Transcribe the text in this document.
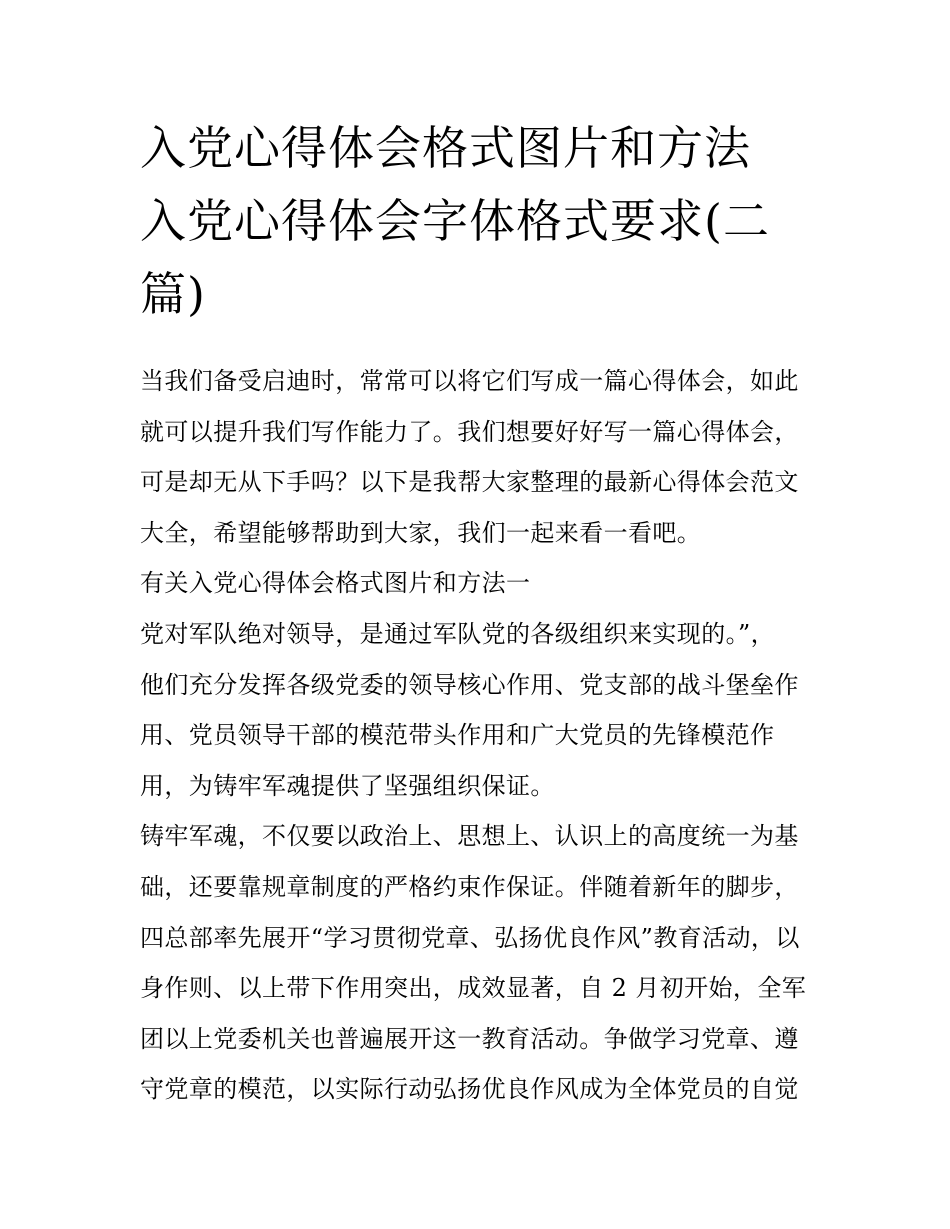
入党心得体会格式图片和方法
入党心得体会字体格式要求(二
篇)
当我们备受启迪时，常常可以将它们写成一篇心得体会，如此
就可以提升我们写作能力了。我们想要好好写一篇心得体会，
可是却无从下手吗？以下是我帮大家整理的最新心得体会范文
大全，希望能够帮助到大家，我们一起来看一看吧。
有关入党心得体会格式图片和方法一
党对军队绝对领导，是通过军队党的各级组织来实现的。”，
他们充分发挥各级党委的领导核心作用、党支部的战斗堡垒作
用、党员领导干部的模范带头作用和广大党员的先锋模范作
用，为铸牢军魂提供了坚强组织保证。
铸牢军魂，不仅要以政治上、思想上、认识上的高度统一为基
础，还要靠规章制度的严格约束作保证。伴随着新年的脚步，
四总部率先展开“学习贯彻党章、弘扬优良作风”教育活动，以
身作则、以上带下作用突出，成效显著，自 2 月初开始，全军
团以上党委机关也普遍展开这一教育活动。争做学习党章、遵
守党章的模范，以实际行动弘扬优良作风成为全体党员的自觉
